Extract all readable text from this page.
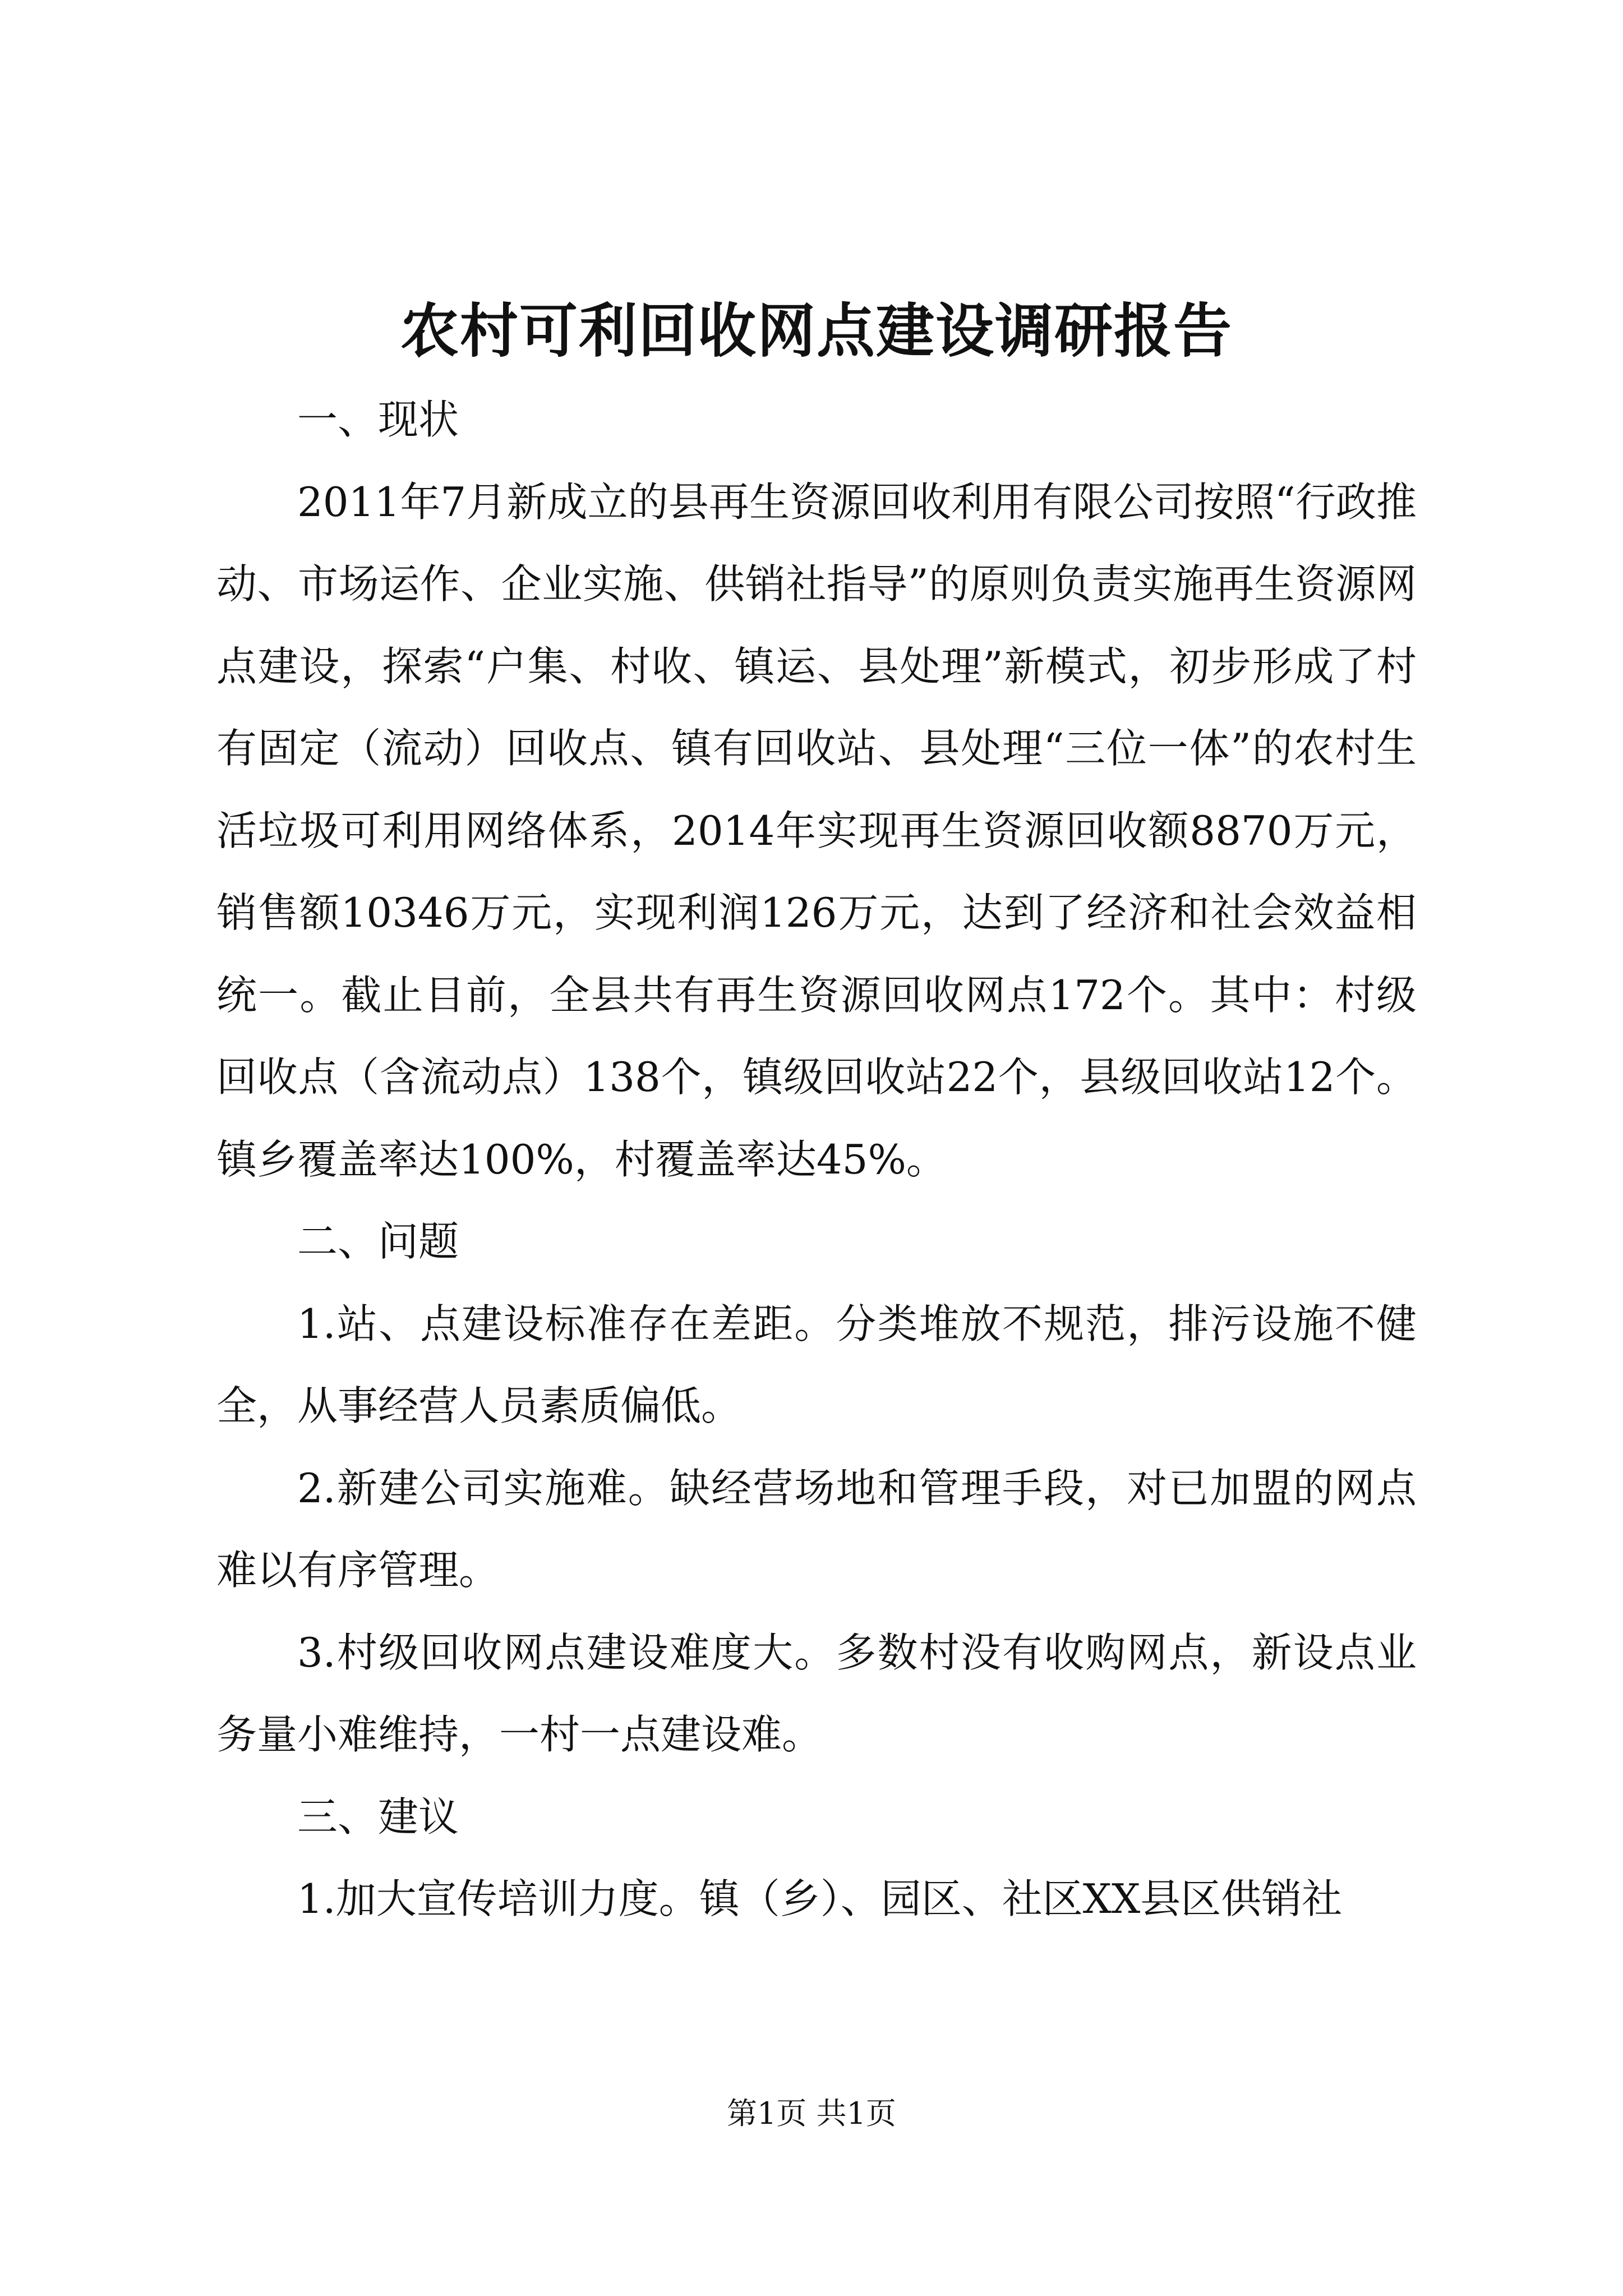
农村可利回收网点建设调研报告

一、现状

2011年7月新成立的县再生资源回收利用有限公司按照“行政推动、市场运作、企业实施、供销社指导”的原则负责实施再生资源网点建设，探索“户集、村收、镇运、县处理”新模式，初步形成了村有固定（流动）回收点、镇有回收站、县处理“三位一体”的农村生活垃圾可利用网络体系，2014年实现再生资源回收额8870万元，销售额10346万元，实现利润126万元，达到了经济和社会效益相统一。截止目前，全县共有再生资源回收网点172个。其中：村级回收点（含流动点）138个，镇级回收站22个，县级回收站12个。镇乡覆盖率达100%，村覆盖率达45%。

二、问题

1.站、点建设标准存在差距。分类堆放不规范，排污设施不健全，从事经营人员素质偏低。

2.新建公司实施难。缺经营场地和管理手段，对已加盟的网点难以有序管理。

3.村级回收网点建设难度大。多数村没有收购网点，新设点业务量小难维持，一村一点建设难。

三、建议

1.加大宣传培训力度。镇（乡）、园区、社区XX县区供销社

第1页 共1页
